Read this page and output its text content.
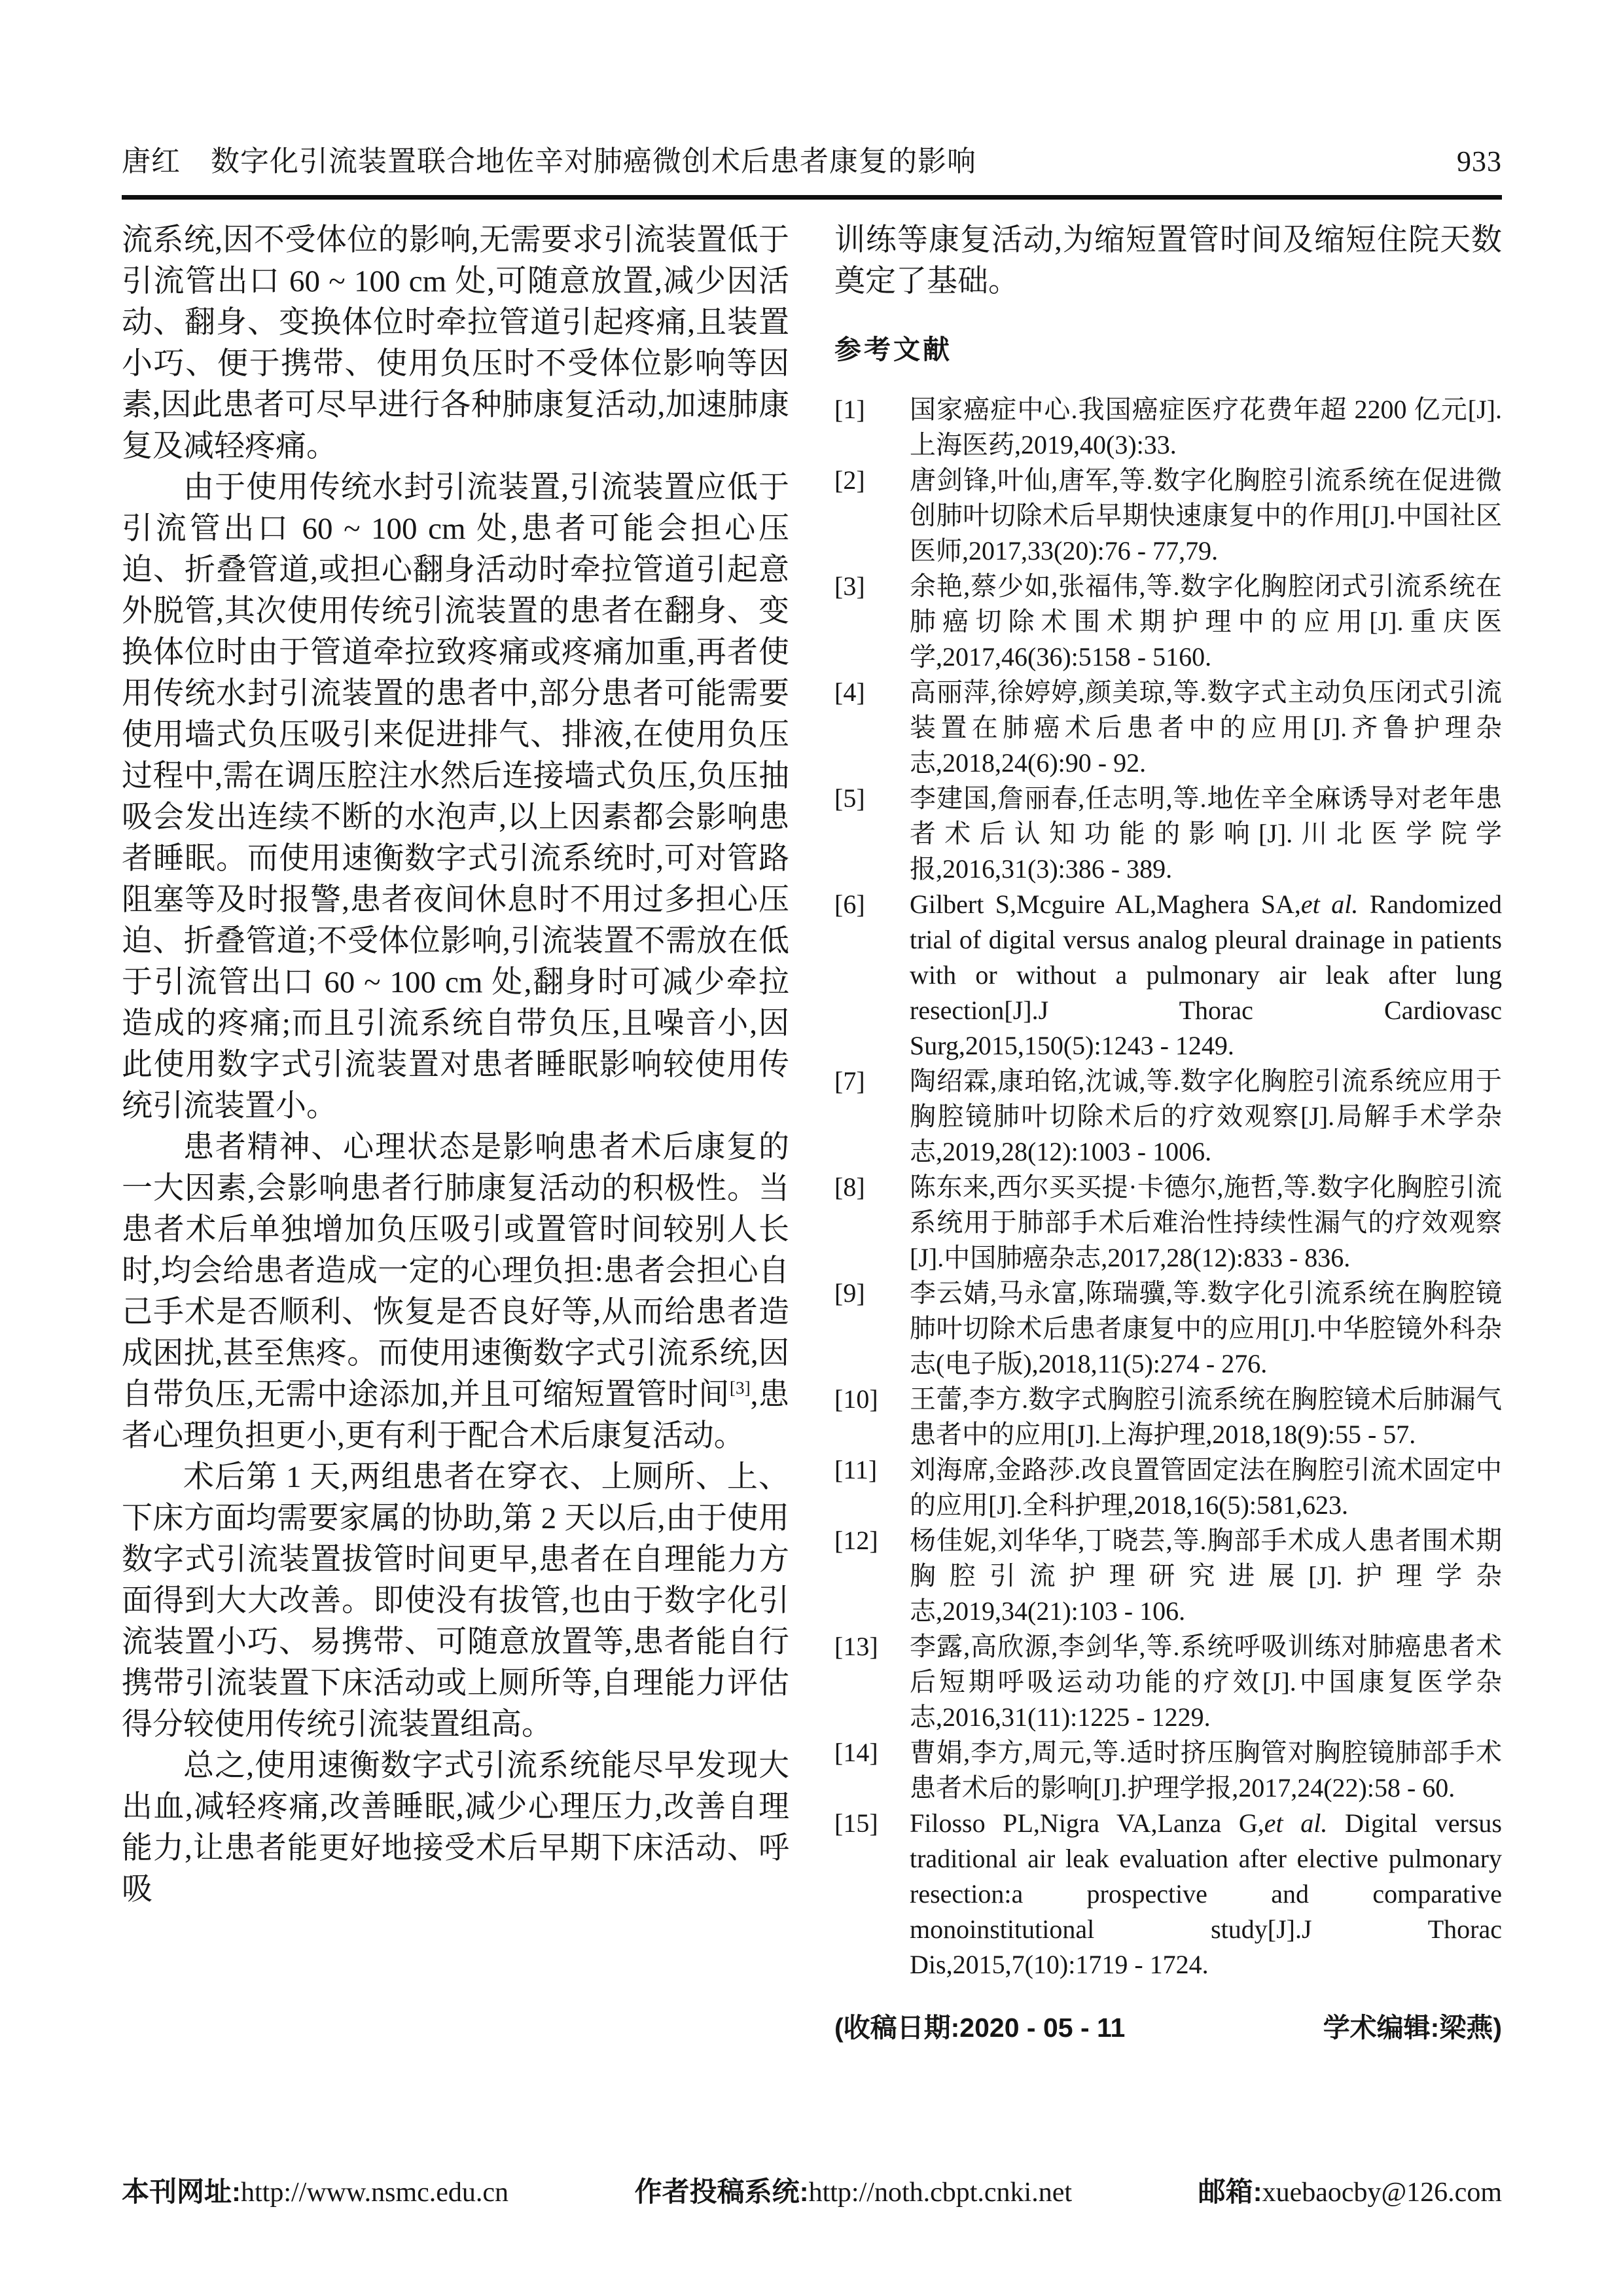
唐红 数字化引流装置联合地佐辛对肺癌微创术后患者康复的影响	933

流系统,因不受体位的影响,无需要求引流装置低于引流管出口 60 ~ 100 cm 处,可随意放置,减少因活动、翻身、变换体位时牵拉管道引起疼痛,且装置小巧、便于携带、使用负压时不受体位影响等因素,因此患者可尽早进行各种肺康复活动,加速肺康复及减轻疼痛。

由于使用传统水封引流装置,引流装置应低于引流管出口 60 ~ 100 cm 处,患者可能会担心压迫、折叠管道,或担心翻身活动时牵拉管道引起意外脱管,其次使用传统引流装置的患者在翻身、变换体位时由于管道牵拉致疼痛或疼痛加重,再者使用传统水封引流装置的患者中,部分患者可能需要使用墙式负压吸引来促进排气、排液,在使用负压过程中,需在调压腔注水然后连接墙式负压,负压抽吸会发出连续不断的水泡声,以上因素都会影响患者睡眠。而使用速衡数字式引流系统时,可对管路阻塞等及时报警,患者夜间休息时不用过多担心压迫、折叠管道;不受体位影响,引流装置不需放在低于引流管出口 60 ~ 100 cm 处,翻身时可减少牵拉造成的疼痛;而且引流系统自带负压,且噪音小,因此使用数字式引流装置对患者睡眠影响较使用传统引流装置小。

患者精神、心理状态是影响患者术后康复的一大因素,会影响患者行肺康复活动的积极性。当患者术后单独增加负压吸引或置管时间较别人长时,均会给患者造成一定的心理负担:患者会担心自己手术是否顺利、恢复是否良好等,从而给患者造成困扰,甚至焦疼。而使用速衡数字式引流系统,因自带负压,无需中途添加,并且可缩短置管时间[3],患者心理负担更小,更有利于配合术后康复活动。

术后第 1 天,两组患者在穿衣、上厕所、上、下床方面均需要家属的协助,第 2 天以后,由于使用数字式引流装置拔管时间更早,患者在自理能力方面得到大大改善。即使没有拔管,也由于数字化引流装置小巧、易携带、可随意放置等,患者能自行携带引流装置下床活动或上厕所等,自理能力评估得分较使用传统引流装置组高。

总之,使用速衡数字式引流系统能尽早发现大出血,减轻疼痛,改善睡眠,减少心理压力,改善自理能力,让患者能更好地接受术后早期下床活动、呼吸

训练等康复活动,为缩短置管时间及缩短住院天数奠定了基础。

参考文献
[1] 国家癌症中心.我国癌症医疗花费年超 2200 亿元[J].上海医药,2019,40(3):33.
[2] 唐剑锋,叶仙,唐军,等.数字化胸腔引流系统在促进微创肺叶切除术后早期快速康复中的作用[J].中国社区医师,2017,33(20):76 - 77,79.
[3] 余艳,蔡少如,张福伟,等.数字化胸腔闭式引流系统在肺癌切除术围术期护理中的应用[J].重庆医学,2017,46(36):5158 - 5160.
[4] 高丽萍,徐婷婷,颜美琼,等.数字式主动负压闭式引流装置在肺癌术后患者中的应用[J].齐鲁护理杂志,2018,24(6):90 - 92.
[5] 李建国,詹丽春,任志明,等.地佐辛全麻诱导对老年患者术后认知功能的影响[J].川北医学院学报,2016,31(3):386 - 389.
[6] Gilbert S,Mcguire AL,Maghera SA,et al. Randomized trial of digital versus analog pleural drainage in patients with or without a pulmonary air leak after lung resection[J].J Thorac Cardiovasc Surg,2015,150(5):1243 - 1249.
[7] 陶绍霖,康珀铭,沈诚,等.数字化胸腔引流系统应用于胸腔镜肺叶切除术后的疗效观察[J].局解手术学杂志,2019,28(12):1003 - 1006.
[8] 陈东来,西尔买买提·卡德尔,施哲,等.数字化胸腔引流系统用于肺部手术后难治性持续性漏气的疗效观察[J].中国肺癌杂志,2017,28(12):833 - 836.
[9] 李云婧,马永富,陈瑞骥,等.数字化引流系统在胸腔镜肺叶切除术后患者康复中的应用[J].中华腔镜外科杂志(电子版),2018,11(5):274 - 276.
[10] 王蕾,李方.数字式胸腔引流系统在胸腔镜术后肺漏气患者中的应用[J].上海护理,2018,18(9):55 - 57.
[11] 刘海席,金路莎.改良置管固定法在胸腔引流术固定中的应用[J].全科护理,2018,16(5):581,623.
[12] 杨佳妮,刘华华,丁晓芸,等.胸部手术成人患者围术期胸腔引流护理研究进展[J].护理学杂志,2019,34(21):103 - 106.
[13] 李露,高欣源,李剑华,等.系统呼吸训练对肺癌患者术后短期呼吸运动功能的疗效[J].中国康复医学杂志,2016,31(11):1225 - 1229.
[14] 曹娟,李方,周元,等.适时挤压胸管对胸腔镜肺部手术患者术后的影响[J].护理学报,2017,24(22):58 - 60.
[15] Filosso PL,Nigra VA,Lanza G,et al. Digital versus traditional air leak evaluation after elective pulmonary resection:a prospective and comparative monoinstitutional study[J].J Thorac Dis,2015,7(10):1719 - 1724.
(收稿日期:2020 - 05 - 11	学术编辑:梁燕)
本刊网址:http://www.nsmc.edu.cn	作者投稿系统:http://noth.cbpt.cnki.net	邮箱:xuebaocby@126.com
